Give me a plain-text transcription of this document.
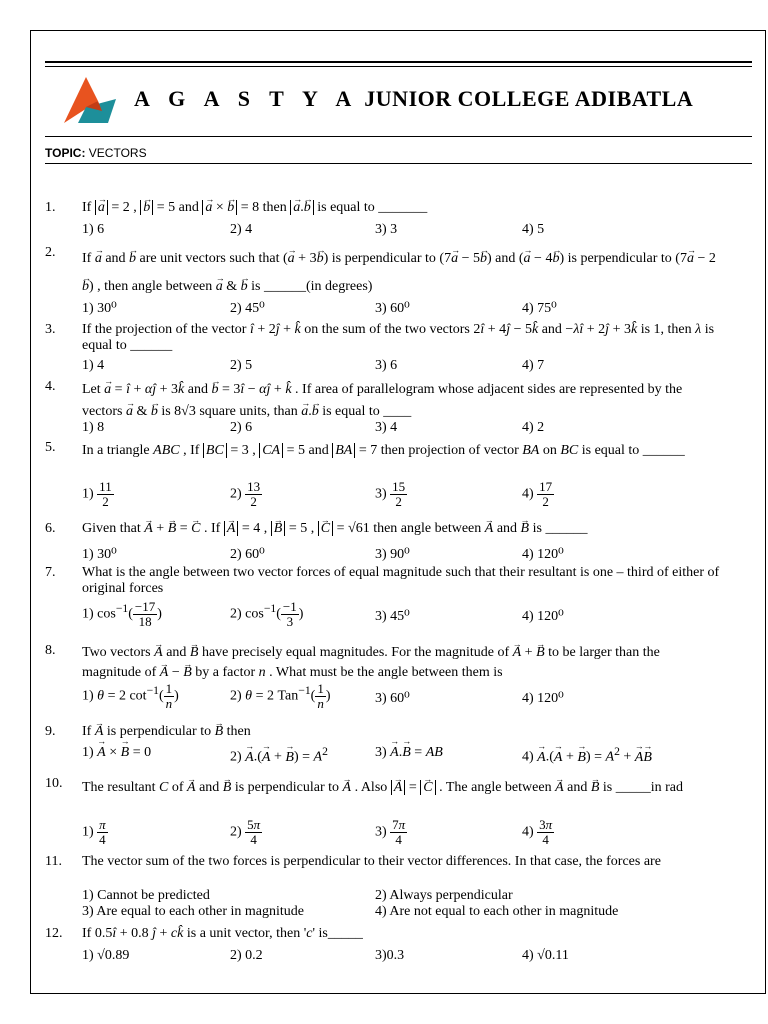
A G A S T Y A JUNIOR COLLEGE ADIBATLA
TOPIC: VECTORS
1. If → a = 2 , → b = 5 and → a × → b = 8 then → a.→ b is equal to _______
1) 6	2) 4	3) 3	4) 5
2. If → a and → b are unit vectors such that (→ a + 3→ b) is perpendicular to (7→ a − 5→ b) and (→ a − 4→ b) is perpendicular to (7→ a − 2→ b) , then angle between → a & → b is ______(in degrees)
1) 30⁰	2) 45⁰	3) 60⁰	4) 75⁰
3. If the projection of the vector î + 2ĵ + k̂ on the sum of the two vectors 2î + 4ĵ − 5k̂ and −λî + 2ĵ + 3k̂ is 1, then λ is equal to ______
1) 4	2) 5	3) 6	4) 7
4. Let → a = î + αĵ + 3k̂ and → b = 3î − αĵ + k̂ . If area of parallelogram whose adjacent sides are represented by the vectors → a & → b is 8√3 square units, than → a.→ b is equal to ____
1) 8	2) 6	3) 4	4) 2
5. In a triangle ABC , If BC = 3 , CA = 5 and BA = 7 then projection of vector BA on BC is equal to ______
$1) \frac{11}{2}$	$2) \frac{13}{2}$	$3) \frac{15}{2}$	$4) \frac{17}{2}$
6. Given that → A + → B = → C . If → A = 4 , → B = 5 , → C = √61 then angle between → A and → B is ______
1) 30⁰	2) 60⁰	3) 90⁰	4) 120⁰
7. What is the angle between two vector forces of equal magnitude such that their resultant is one – third of either of original forces
1) $\cos^{-1}( \frac{-17}{18}$ )	2) $\cos^{-1}( \frac{-1}{3}$ )	3) 45⁰	4) 120⁰
8. Two vectors → A and → B have precisely equal magnitudes. For the magnitude of → A + → B to be larger than the magnitude of → A − → B by a factor n . What must be the angle between them is
1) θ = 2 $\cot^{-1}( \frac{1}{n}$ )	2) θ = 2 $Tan^{-1}( \frac{1}{n}$ )	3) 60⁰	4) 120⁰
9. If → A is perpendicular to → B then
1) → A × → B = 0	2) → A.(→ A + → $B) = A^2$	3) → A.→ B = AB	4) → A.(→ A + → $B) = A^2$ + → A→ B
10. The resultant C of → A and → B is perpendicular to → A . Also → A = → C . The angle between → A and → B is _____in rad
$1) \frac{\pi}{4}$	$2) \frac{5\pi}{4}$	$3) \frac{7\pi}{4}$	$4) \frac{3\pi}{4}$
11. The vector sum of the two forces is perpendicular to their vector differences. In that case, the forces are
1) Cannot be predicted	2) Always perpendicular
3) Are equal to each other in magnitude	4) Are not equal to each other in magnitude
12. If 0.5î + 0.8 ĵ + ck̂ is a unit vector, then 'c' is_____
1) √0.89	2) 0.2	3)0.3	4) √0.11
